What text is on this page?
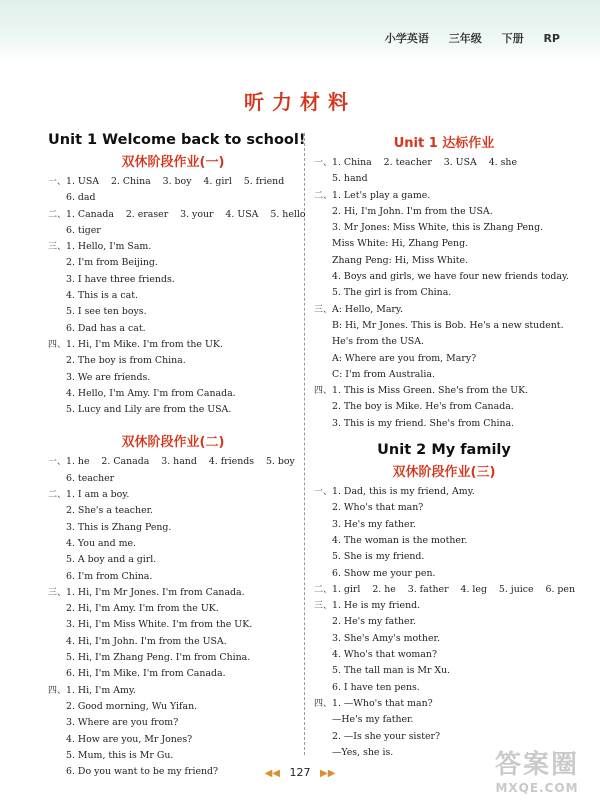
小学英语 三年级 下册 RP
听力材料
Unit 1 Welcome back to school!
双休阶段作业(一)
一、1. USA    2. China    3. boy    4. girl    5. friend
6. dad
二、1. Canada    2. eraser    3. your    4. USA    5. hello
6. tiger
三、1. Hello, I'm Sam.
2. I'm from Beijing.
3. I have three friends.
4. This is a cat.
5. I see ten boys.
6. Dad has a cat.
四、1. Hi, I'm Mike. I'm from the UK.
2. The boy is from China.
3. We are friends.
4. Hello, I'm Amy. I'm from Canada.
5. Lucy and Lily are from the USA.
双休阶段作业(二)
一、1. he    2. Canada    3. hand    4. friends    5. boy
6. teacher
二、1. I am a boy.
2. She's a teacher.
3. This is Zhang Peng.
4. You and me.
5. A boy and a girl.
6. I'm from China.
三、1. Hi, I'm Mr Jones. I'm from Canada.
2. Hi, I'm Amy. I'm from the UK.
3. Hi, I'm Miss White. I'm from the UK.
4. Hi, I'm John. I'm from the USA.
5. Hi, I'm Zhang Peng. I'm from China.
6. Hi, I'm Mike. I'm from Canada.
四、1. Hi, I'm Amy.
2. Good morning, Wu Yifan.
3. Where are you from?
4. How are you, Mr Jones?
5. Mum, this is Mr Gu.
6. Do you want to be my friend?
Unit 1 达标作业
一、1. China    2. teacher    3. USA    4. she
5. hand
二、1. Let's play a game.
2. Hi, I'm John. I'm from the USA.
3. Mr Jones: Miss White, this is Zhang Peng.
Miss White: Hi, Zhang Peng.
Zhang Peng: Hi, Miss White.
4. Boys and girls, we have four new friends today.
5. The girl is from China.
三、A: Hello, Mary.
B: Hi, Mr Jones. This is Bob. He's a new student.
He's from the USA.
A: Where are you from, Mary?
C: I'm from Australia.
四、1. This is Miss Green. She's from the UK.
2. The boy is Mike. He's from Canada.
3. This is my friend. She's from China.
Unit 2 My family
双休阶段作业(三)
一、1. Dad, this is my friend, Amy.
2. Who's that man?
3. He's my father.
4. The woman is the mother.
5. She is my friend.
6. Show me your pen.
二、1. girl    2. he    3. father    4. leg    5. juice    6. pen
三、1. He is my friend.
2. He's my father.
3. She's Amy's mother.
4. Who's that woman?
5. The tall man is Mr Xu.
6. I have ten pens.
四、1. —Who's that man?
—He's my father.
2. —Is she your sister?
—Yes, she is.
◀◀ 127 ▶▶	答案圈
MXQE.COM
